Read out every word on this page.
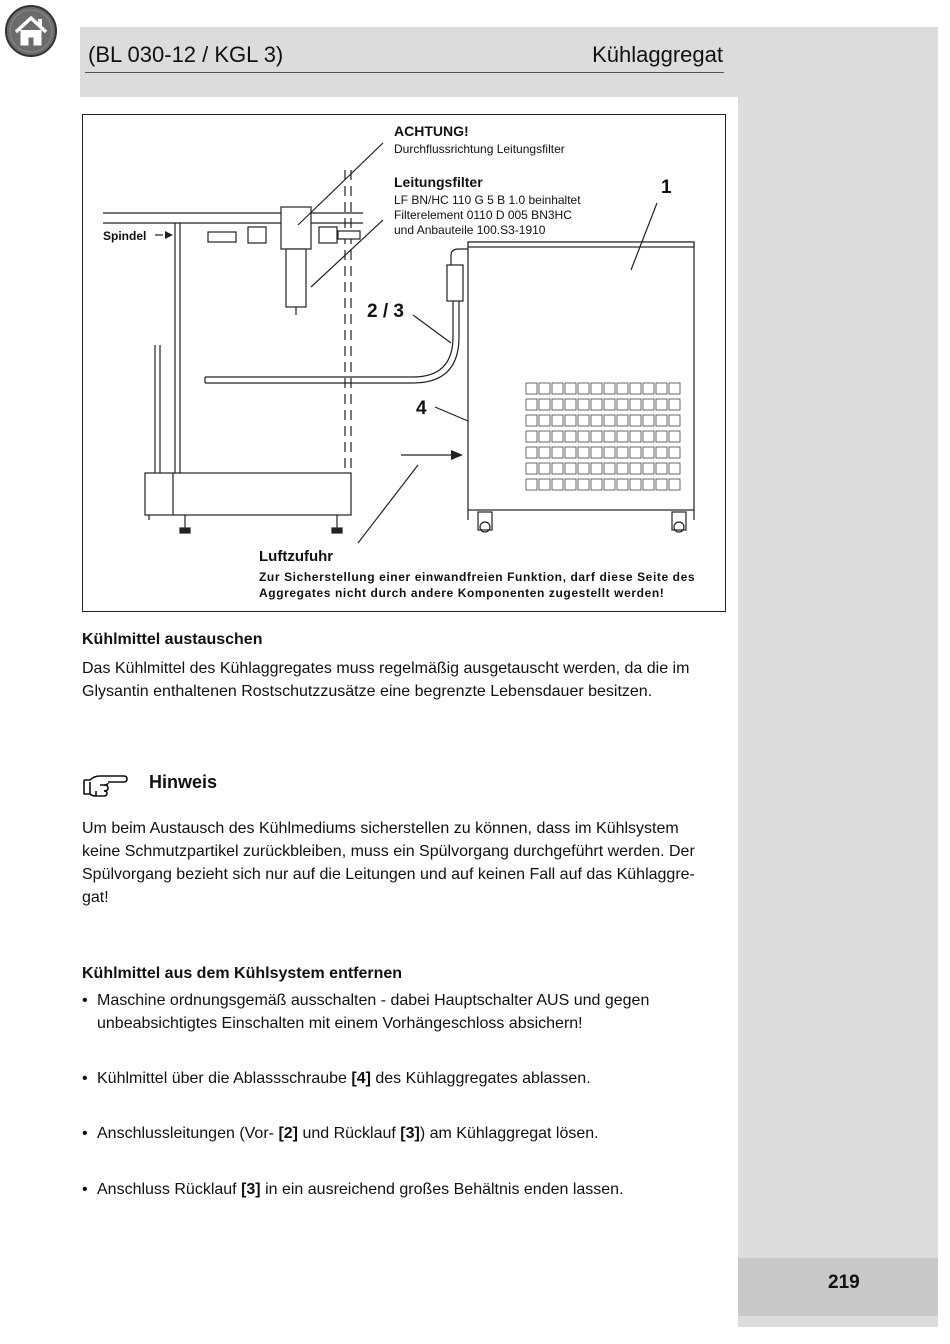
219
(BL 030-12 / KGL 3)	Kühlaggregat
ACHTUNG!
Durchflussrichtung Leitungsfilter
Leitungsfilter
LF BN/HC 110 G 5 B 1.0 beinhaltet
Filterelement 0110 D 005 BN3HC
und Anbauteile 100.S3-1910
Spindel
1
2 / 3
4
Luftzufuhr
Zur Sicherstellung einer einwandfreien Funktion, darf diese Seite des
Aggregates nicht durch andere Komponenten zugestellt werden!
Kühlmittel austauschen
Das Kühlmittel des Kühlaggregates muss regelmäßig ausgetauscht werden, da die im
Glysantin enthaltenen Rostschutzzusätze eine begrenzte Lebensdauer besitzen.
Hinweis
Um beim Austausch des Kühlmediums sicherstellen zu können, dass im Kühlsystem
keine Schmutzpartikel zurückbleiben, muss ein Spülvorgang durchgeführt werden. Der
Spülvorgang bezieht sich nur auf die Leitungen und auf keinen Fall auf das Kühlaggre-
gat!
Kühlmittel aus dem Kühlsystem entfernen
• Maschine ordnungsgemäß ausschalten - dabei Hauptschalter AUS und gegen
unbeabsichtigtes Einschalten mit einem Vorhängeschloss absichern!
• Kühlmittel über die Ablassschraube [4] des Kühlaggregates ablassen.
• Anschlussleitungen (Vor- [2] und Rücklauf [3]) am Kühlaggregat lösen.
• Anschluss Rücklauf [3] in ein ausreichend großes Behältnis enden lassen.
